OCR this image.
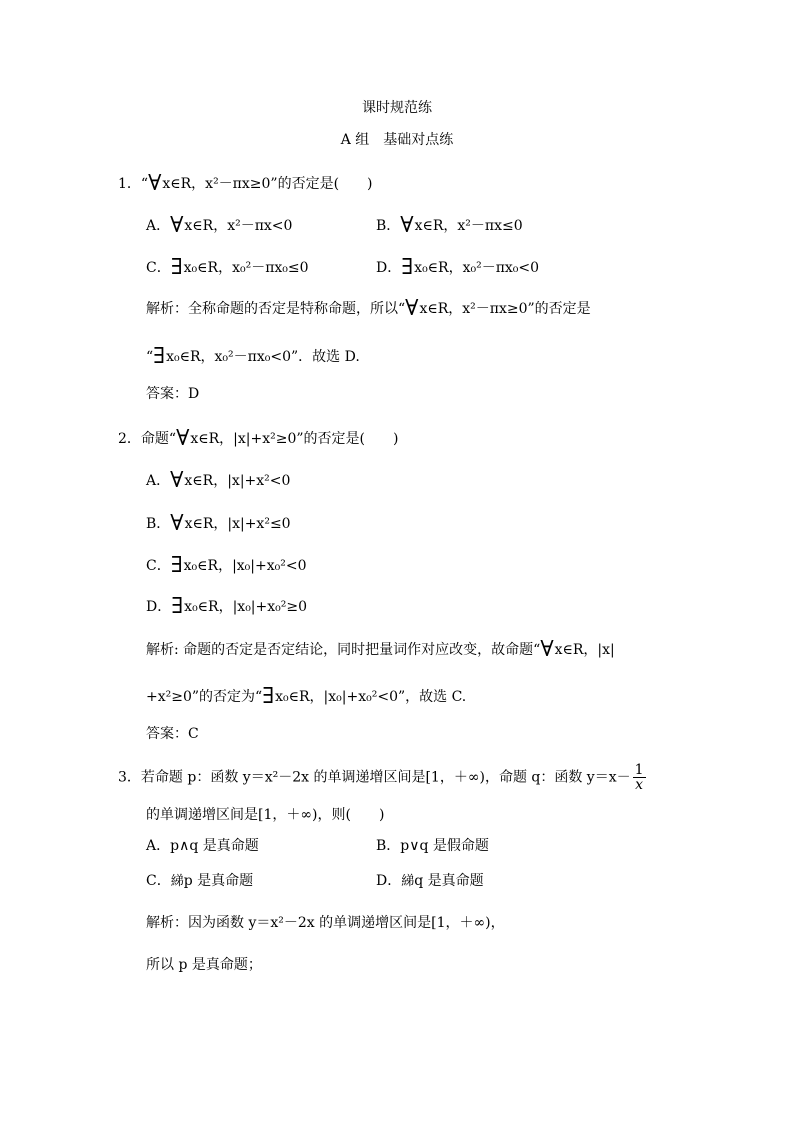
课时规范练
A 组　基础对点练
1．“∀x∈R，x²－πx≥0”的否定是(　　)
A．∀x∈R，x²－πx<0	B．∀x∈R，x²－πx≤0
C．∃x₀∈R，x₀²－πx₀≤0	D．∃x₀∈R，x₀²－πx₀<0
解析：全称命题的否定是特称命题，所以“∀x∈R，x²－πx≥0”的否定是
“∃x₀∈R，x₀²－πx₀<0”．故选 D.
答案：D
2．命题“∀x∈R，|x|+x²≥0”的否定是(　　)
A．∀x∈R，|x|+x²<0
B．∀x∈R，|x|+x²≤0
C．∃x₀∈R，|x₀|+x₀²<0
D．∃x₀∈R，|x₀|+x₀²≥0
解析: 命题的否定是否定结论，同时把量词作对应改变，故命题“∀x∈R，|x|
+x²≥0”的否定为“∃x₀∈R，|x₀|+x₀²<0”，故选 C.
答案：C
3．若命题 p：函数 y＝x²－2x 的单调递增区间是[1，＋∞)，命题 q：函数 $y=x- \frac{1}{x}$
的单调递增区间是[1，＋∞)，则(　　)
A．p∧q 是真命题	B．p∨q 是假命题
C．綈p 是真命题	D．綈q 是真命题
解析：因为函数 y＝x²－2x 的单调递增区间是[1，＋∞)，
所以 p 是真命题；
